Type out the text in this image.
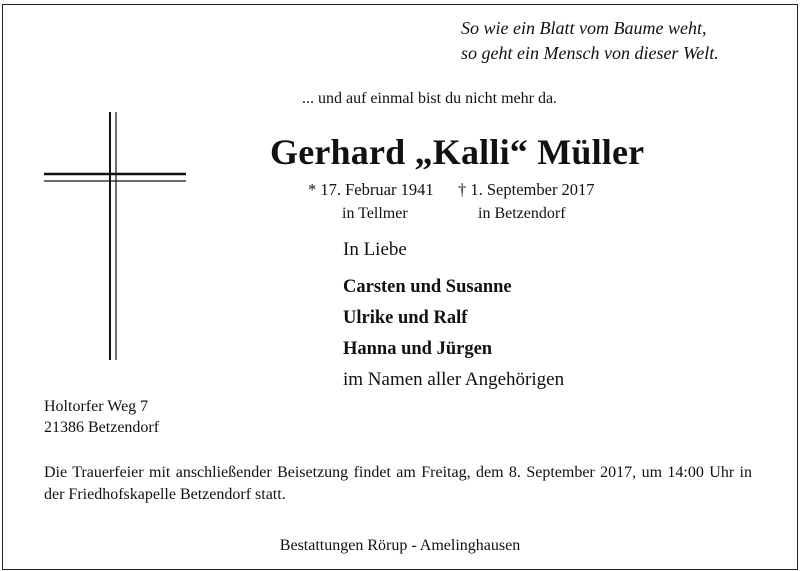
So wie ein Blatt vom Baume weht,
so geht ein Mensch von dieser Welt.

... und auf einmal bist du nicht mehr da.

Gerhard „Kalli“ Müller

* 17. Februar 1941 † 1. September 2017

in Tellmer	in Betzendorf

In Liebe

Carsten und Susanne

Ulrike und Ralf

Hanna und Jürgen

im Namen aller Angehörigen

Holtorfer Weg 7

21386 Betzendorf

Die Trauerfeier mit anschließender Beisetzung findet am Freitag, dem 8. September 2017, um 14:00 Uhr in der Friedhofskapelle Betzendorf statt.

Bestattungen Rörup - Amelinghausen
